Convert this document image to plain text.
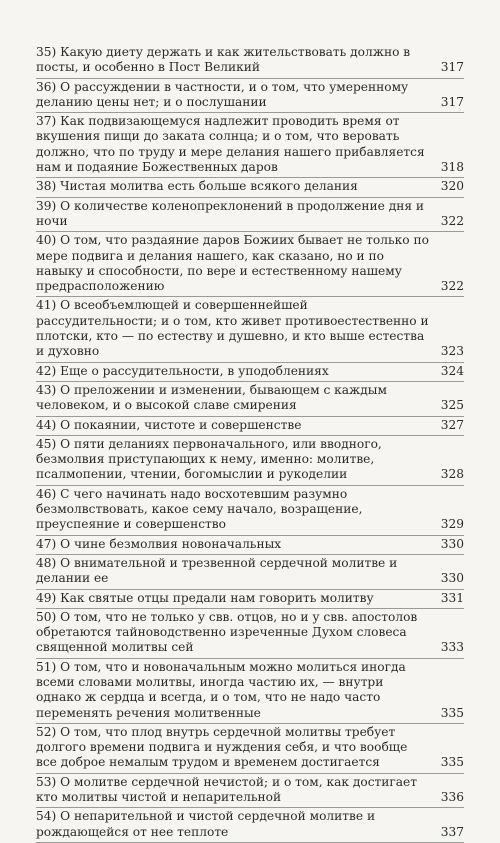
35) Какую диету держать и как жительствовать должно в посты, и особенно в Пост Великий	317
36) О рассуждении в частности, и о том, что умеренному деланию цены нет; и о послушании	317
37) Как подвизающемуся надлежит проводить время от вкушения пищи до заката солнца; и о том, что веровать должно, что по труду и мере делания нашего прибавляется нам и подаяние Божественных даров	318
38) Чистая молитва есть больше всякого делания	320
39) О количестве коленопреклонений в продолжение дня и ночи	322
40) О том, что раздаяние даров Божиих бывает не только по мере подвига и делания нашего, как сказано, но и по навыку и способности, по вере и естественному нашему предрасположению	322
41) О всеобъемлющей и совершеннейшей рассудительности; и о том, кто живет противоестественно и плотски, кто — по естеству и душевно, и кто выше естества и духовно	323
42) Еще о рассудительности, в уподоблениях	324
43) О преложении и изменении, бывающем с каждым человеком, и о высокой славе смирения	325
44) О покаянии, чистоте и совершенстве	327
45) О пяти деланиях первоначального, или вводного, безмолвия приступающих к нему, именно: молитве, псалмопении, чтении, богомыслии и рукоделии	328
46) С чего начинать надо восхотевшим разумно безмолвствовать, какое сему начало, возращение, преуспеяние и совершенство	329
47) О чине безмолвия новоначальных	330
48) О внимательной и трезвенной сердечной молитве и делании ее	330
49) Как святые отцы предали нам говорить молитву	331
50) О том, что не только у свв. отцов, но и у свв. апостолов обретаются тайноводственно изреченные Духом словеса священной молитвы сей	333
51) О том, что и новоначальным можно молиться иногда всеми словами молитвы, иногда частию их, — внутри однако ж сердца и всегда, и о том, что не надо часто переменять речения молитвенные	335
52) О том, что плод внутрь сердечной молитвы требует долгого времени подвига и нуждения себя, и что вообще все доброе немалым трудом и временем достигается	335
53) О молитве сердечной нечистой; и о том, как достигает кто молитвы чистой и непарительной	336
54) О непарительной и чистой сердечной молитве и рождающейся от нее теплоте	337
